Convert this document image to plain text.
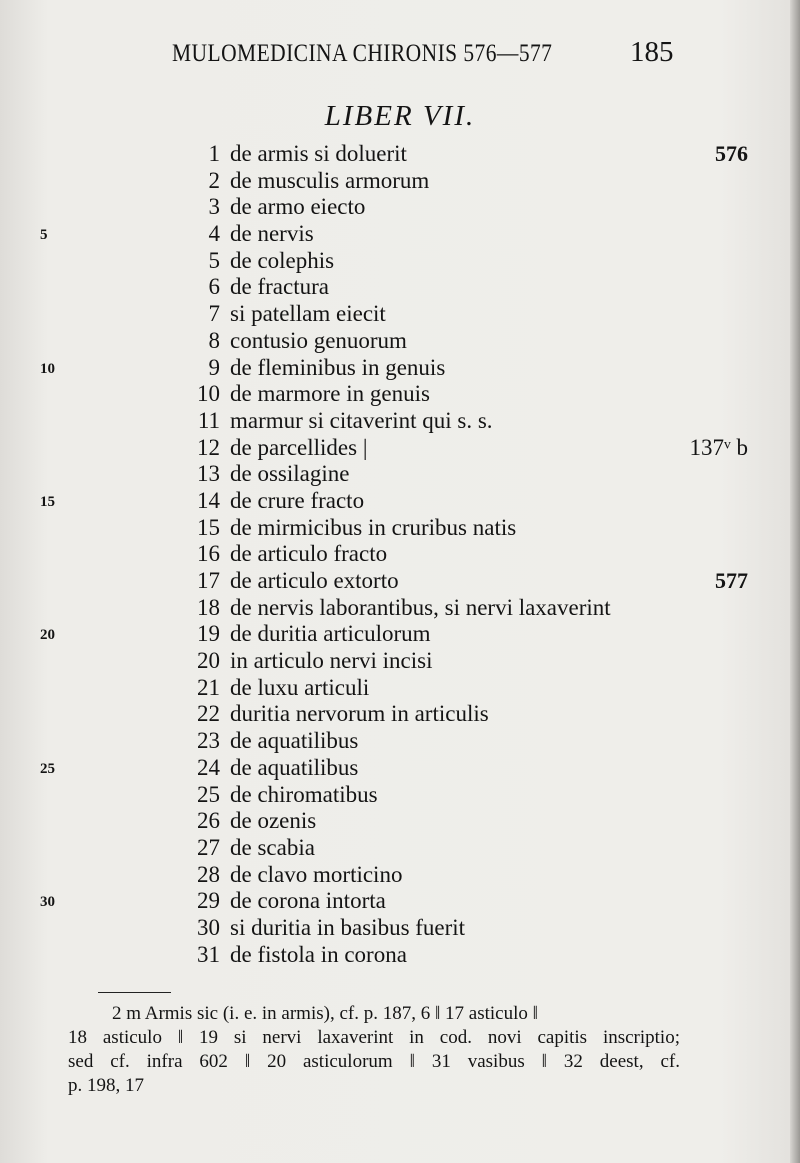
MULOMEDICINA CHIRONIS 576—577	185
LIBER VII.
1 de armis si doluerit	576
2 de musculis armorum
3 de armo eiecto
5	4 de nervis
5 de colephis
6 de fractura
7 si patellam eiecit
8 contusio genuorum
10	9 de fleminibus in genuis
10 de marmore in genuis
11 marmur si citaverint qui s. s.
12 de parcellides |	137ᵛ b
13 de ossilagine
15	14 de crure fracto
15 de mirmicibus in cruribus natis
16 de articulo fracto
17 de articulo extorto	577
18 de nervis laborantibus, si nervi laxaverint
20	19 de duritia articulorum
20 in articulo nervi incisi
21 de luxu articuli
22 duritia nervorum in articulis
23 de aquatilibus
25	24 de aquatilibus
25 de chiromatibus
26 de ozenis
27 de scabia
28 de clavo morticino
30	29 de corona intorta
30 si duritia in basibus fuerit
31 de fistola in corona
2 m Armis sic (i. e. in armis), cf. p. 187, 6 ‖ 17 asticulo ‖
18 asticulo ‖ 19 si nervi laxaverint in cod. novi capitis inscriptio;
sed cf. infra 602 ‖ 20 asticulorum ‖ 31 vasibus ‖ 32 deest, cf.
p. 198, 17
